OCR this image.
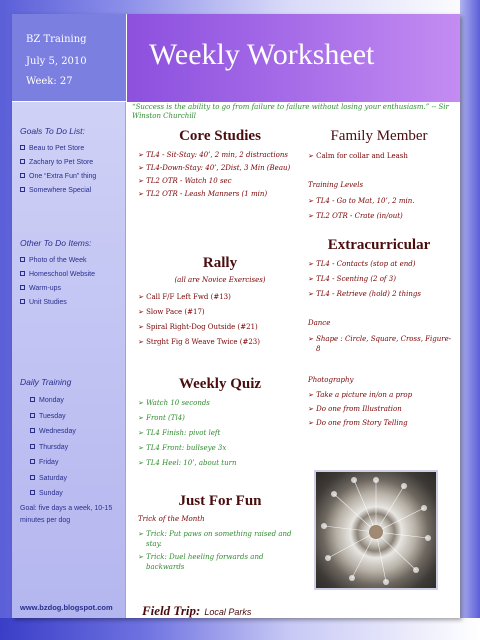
BZ Training
July 5, 2010
Week: 27
Weekly Worksheet
Goals To Do List:
Beau to Pet Store
Zachary to Pet Store
One “Extra Fun” thing
Somewhere Special
Other To Do Items:
Photo of the Week
Homeschool Website
Warm-ups
Unit Studies
Daily Training
Monday
Tuesday
Wednesday
Thursday
Friday
Saturday
Sunday
Goal: five days a week, 10-15 minutes per dog
www.bzdog.blogspot.com
“Success is the ability to go from failure to failure without losing your enthusiasm.” -- Sir Winston Churchill
Core Studies
➢ TL4 - Sit-Stay: 40’, 2 min, 2 distractions
➢ TL4-Down-Stay: 40’, 2Dist, 3 Min (Beau)
➢ TL2 OTR - Watch 10 sec
➢ TL2 OTR - Leash Manners (1 min)
Rally
(all are Novice Exercises)
➢ Call F/F Left Fwd (#13)
➢ Slow Pace (#17)
➢ Spiral Right-Dog Outside (#21)
➢ Strght Fig 8 Weave Twice (#23)
Weekly Quiz
➢ Watch 10 seconds
➢ Front (Tl4)
➢ TL4 Finish: pivot left
➢ TL4 Front: bullseye 3x
➢ TL4 Heel: 10’, about turn
Just For Fun
Trick of the Month
➢ Trick: Put paws on something raised and stay.
➢ Trick: Duel heeling forwards and backwards
Family Member
➢ Calm for collar and Leash
Training Levels
➢ TL4 - Go to Mat, 10’, 2 min.
➢ TL2 OTR - Crate (in/out)
Extracurricular
➢ TL4 - Contacts (stop at end)
➢ TL4 - Scenting (2 of 3)
➢ TL4 - Retrieve (hold) 2 things
Dance
➢ Shape : Circle, Square, Cross, Figure-8
Photography
➢ Take a picture in/on a prop
➢ Do one from Illustration
➢ Do one from Story Telling
Field Trip: Local Parks
